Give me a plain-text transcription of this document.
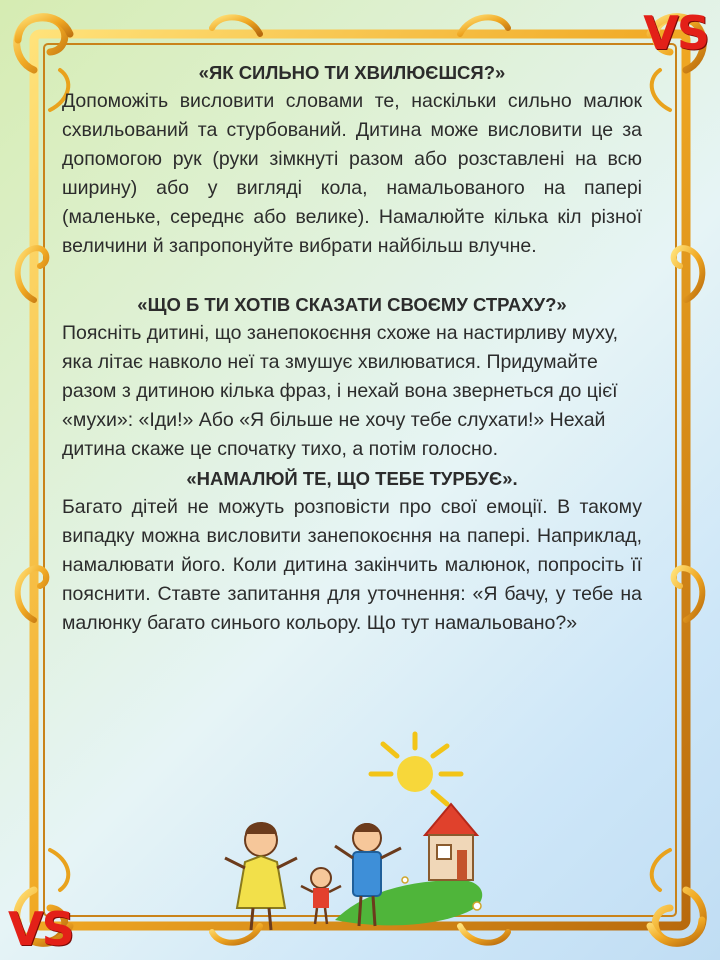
VS
VS

«ЯК СИЛЬНО ТИ ХВИЛЮЄШСЯ?»

Допоможіть висловити словами те, наскільки сильно малюк схвильований та стурбований. Дитина може висловити це за допомогою рук (руки зімкнуті разом або розставлені на всю ширину) або у вигляді кола, намальованого на папері (маленьке, середнє або велике). Намалюйте кілька кіл різної величини й запропонуйте вибрати найбільш влучне.

«ЩО Б ТИ ХОТІВ СКАЗАТИ СВОЄМУ СТРАХУ?»

Поясніть дитині, що занепокоєння схоже на настирливу муху, яка літає навколо неї та змушує хвилюватися. Придумайте разом з дитиною кілька фраз, і нехай вона звернеться до цієї «мухи»: «Іди!» Або «Я більше не хочу тебе слухати!» Нехай дитина скаже це спочатку тихо, а потім голосно.

«НАМАЛЮЙ ТЕ, ЩО ТЕБЕ ТУРБУЄ».

Багато дітей не можуть розповісти про свої емоції. В такому випадку можна висловити занепокоєння на папері. Наприклад, намалювати його. Коли дитина закінчить малюнок, попросіть її пояснити. Ставте запитання для уточнення: «Я бачу, у тебе на малюнку багато синього кольору. Що тут намальовано?»
